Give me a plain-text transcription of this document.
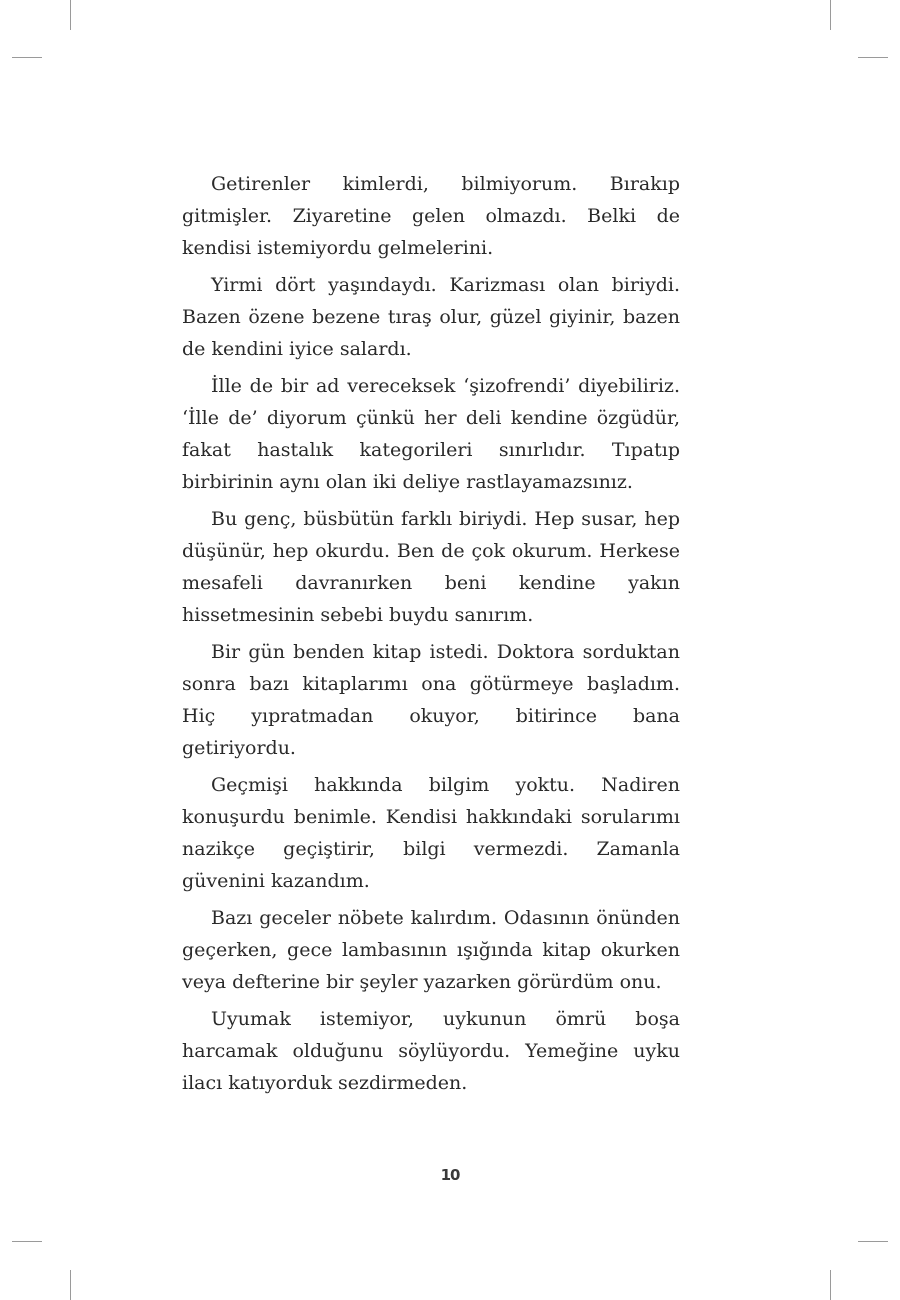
Getirenler kimlerdi, bilmiyorum. Bırakıp gitmişler. Ziyaretine gelen olmazdı. Belki de kendisi istemiyordu gelmelerini.

Yirmi dört yaşındaydı. Karizması olan biriydi. Bazen özene bezene tıraş olur, güzel giyinir, bazen de kendini iyice salardı.

İlle de bir ad vereceksek ‘şizofrendi’ diyebiliriz. ‘İlle de’ diyorum çünkü her deli kendine özgüdür, fakat hastalık kategorileri sınırlıdır. Tıpatıp birbirinin aynı olan iki deliye rastlayamazsınız.

Bu genç, büsbütün farklı biriydi. Hep susar, hep düşünür, hep okurdu. Ben de çok okurum. Herkese mesafeli davranırken beni kendine yakın hissetmesinin sebebi buydu sanırım.

Bir gün benden kitap istedi. Doktora sorduktan sonra bazı kitaplarımı ona götürmeye başladım. Hiç yıpratmadan okuyor, bitirince bana getiriyordu.

Geçmişi hakkında bilgim yoktu. Nadiren konuşurdu benimle. Kendisi hakkındaki sorularımı nazikçe geçiştirir, bilgi vermezdi. Zamanla güvenini kazandım.

Bazı geceler nöbete kalırdım. Odasının önünden geçerken, gece lambasının ışığında kitap okurken veya defterine bir şeyler yazarken görürdüm onu.

Uyumak istemiyor, uykunun ömrü boşa harcamak olduğunu söylüyordu. Yemeğine uyku ilacı katıyorduk sezdirmeden.

10
